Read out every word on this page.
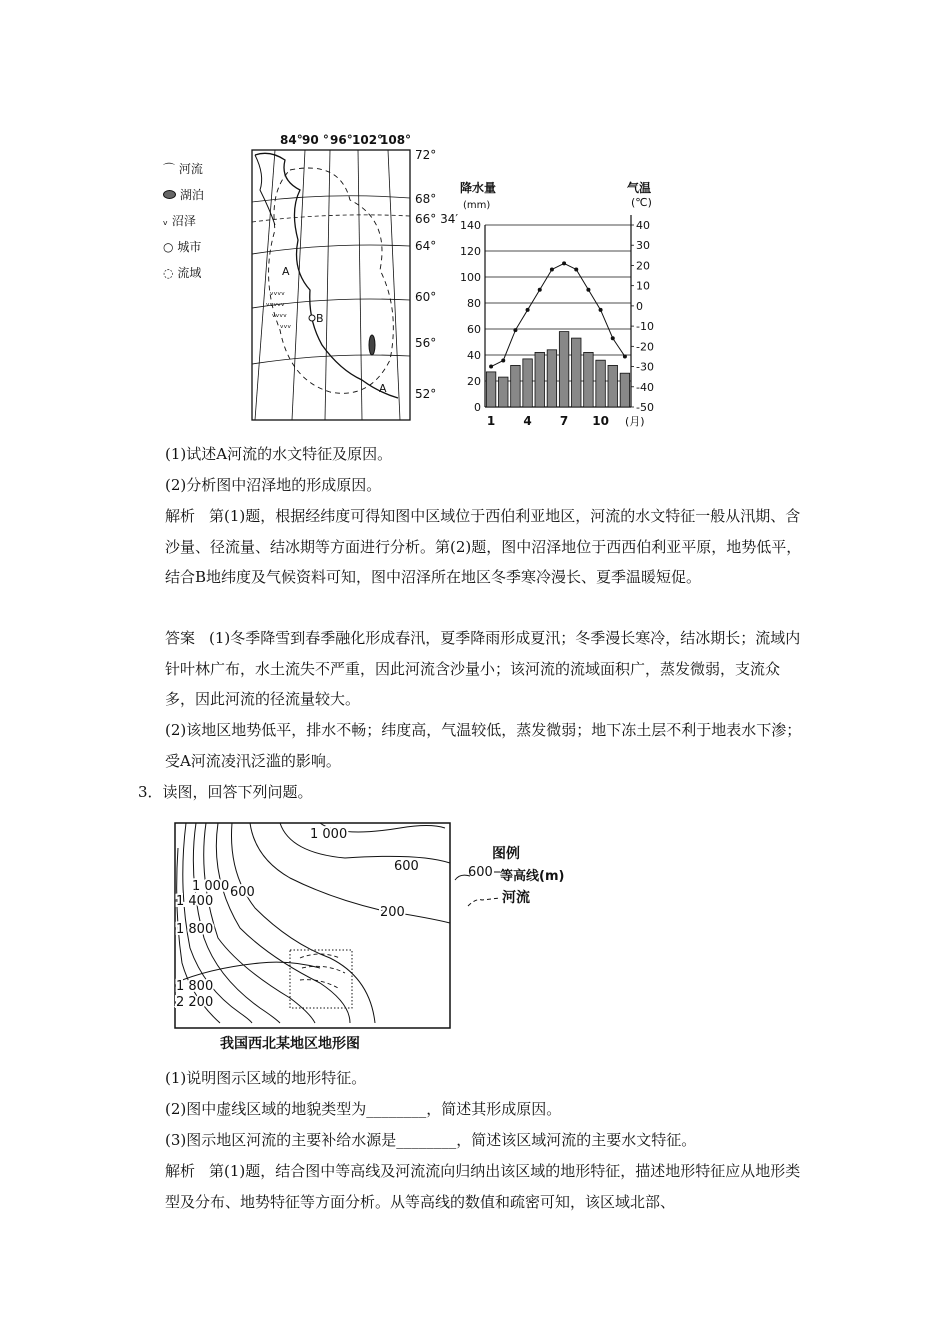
⌒ 河流
湖泊
ᵥ 沼泽
○ 城市
◌ 流域
ᵥᵥᵥᵥ
ᵥᵥᵥᵥᵥ
ᵥᵥᵥᵥ
ᵥᵥᵥ
84° 90 ° 96° 102°
108°
72°
68°
66° 34′
64°
60°
56°
52°
A
B
A
降水量
(mm)
气温
(℃)
0
20
40
60
80
100
120
140	40
30
20
10
0
-10
-20
-30
-40
-50
1 4 7 10 (月)
(1)试述A河流的水文特征及原因。
(2)分析图中沼泽地的形成原因。
解析 第(1)题，根据经纬度可得知图中区域位于西伯利亚地区，河流的水文特征一般从汛期、含沙量、径流量、结冰期等方面进行分析。第(2)题，图中沼泽地位于西西伯利亚平原，地势低平，结合B地纬度及气候资料可知，图中沼泽所在地区冬季寒冷漫长、夏季温暖短促。
答案 (1)冬季降雪到春季融化形成春汛，夏季降雨形成夏汛；冬季漫长寒冷，结冰期长；流域内针叶林广布，水土流失不严重，因此河流含沙量小；该河流的流域面积广，蒸发微弱，支流众多，因此河流的径流量较大。
(2)该地区地势低平，排水不畅；纬度高，气温较低，蒸发微弱；地下冻土层不利于地表水下渗；受A河流凌汛泛滥的影响。
3．读图，回答下列问题。
1 000
600
1 000 600
1 400
200
1 800
1 800
2 200
图例
600 等高线(m)
河流
我国西北某地区地形图
(1)说明图示区域的地形特征。
(2)图中虚线区域的地貌类型为________，简述其形成原因。
(3)图示地区河流的主要补给水源是________，简述该区域河流的主要水文特征。
解析 第(1)题，结合图中等高线及河流流向归纳出该区域的地形特征，描述地形特征应从地形类型及分布、地势特征等方面分析。从等高线的数值和疏密可知，该区域北部、
